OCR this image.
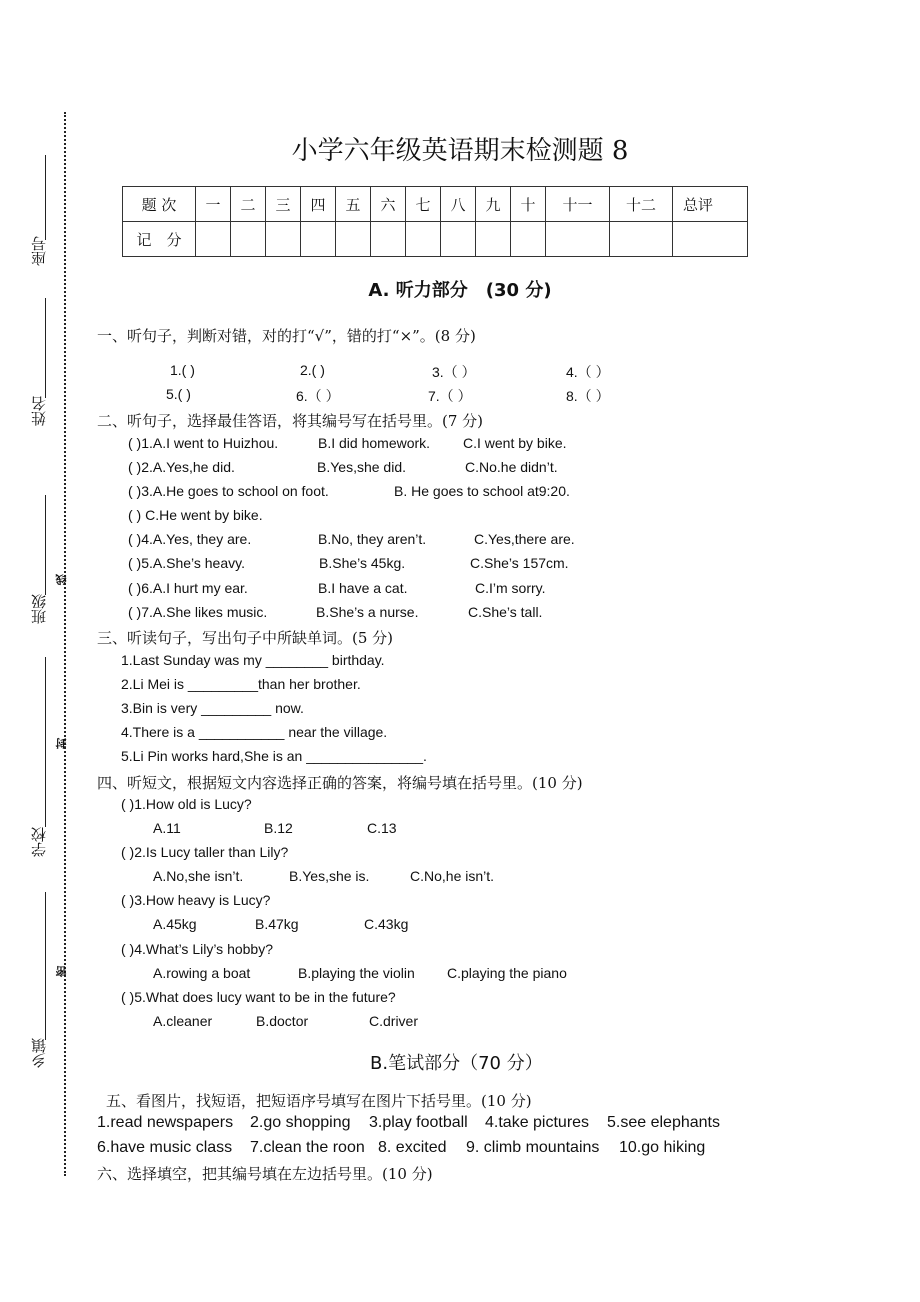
座号
姓名
班级
线
学校
封
乡镇
密
小学六年级英语期末检测题 8
题 次	一	二	三	四	五	六	七	八	九	十	十一	十二	总评
记　分													
A. 听力部分　(30 分)
一、听句子，判断对错，对的打“√”，错的打“×”。(8 分)
1.( )	2.( )	3.（ ）	4.（ ）
5.( )	6.（ ）	7.（ ）	8.（ ）
二、听句子，选择最佳答语，将其编号写在括号里。(7 分)
( )1.A.I went to Huizhou.	B.I did homework. C.I went by bike.
( )2.A.Yes,he did.	B.Yes,she did.	C.No.he didn’t.
( )3.A.He goes to school on foot.	B. He goes to school at9:20.
( ) C.He went by bike.
( )4.A.Yes, they are.	B.No, they aren’t.	C.Yes,there are.
( )5.A.She’s heavy.	B.She’s 45kg.	C.She’s 157cm.
( )6.A.I hurt my ear.	B.I have a cat.	C.I’m sorry.
( )7.A.She likes music.	B.She’s a nurse.	C.She’s tall.
三、听读句子，写出句子中所缺单词。(5 分)
1.Last Sunday was my ________ birthday.
2.Li Mei is _________than her brother.
3.Bin is very _________ now.
4.There is a ___________ near the village.
5.Li Pin works hard,She is an _______________.
四、听短文，根据短文内容选择正确的答案，将编号填在括号里。(10 分)
( )1.How old is Lucy?
A.11	B.12	C.13
( )2.Is Lucy taller than Lily?
A.No,she isn’t.	B.Yes,she is.	C.No,he isn’t.
( )3.How heavy is Lucy?
A.45kg	B.47kg	C.43kg
( )4.What’s Lily’s hobby?
A.rowing a boat	B.playing the violin C.playing the piano
( )5.What does lucy want to be in the future?
A.cleaner	B.doctor	C.driver
B.笔试部分（70 分）
五、看图片，找短语，把短语序号填写在图片下括号里。(10 分)
1.read newspapers 2.go shopping 3.play football 4.take pictures 5.see elephants
6.have music class 7.clean the roon 8. excited 9. climb mountains 10.go hiking
六、选择填空，把其编号填在左边括号里。(10 分)
